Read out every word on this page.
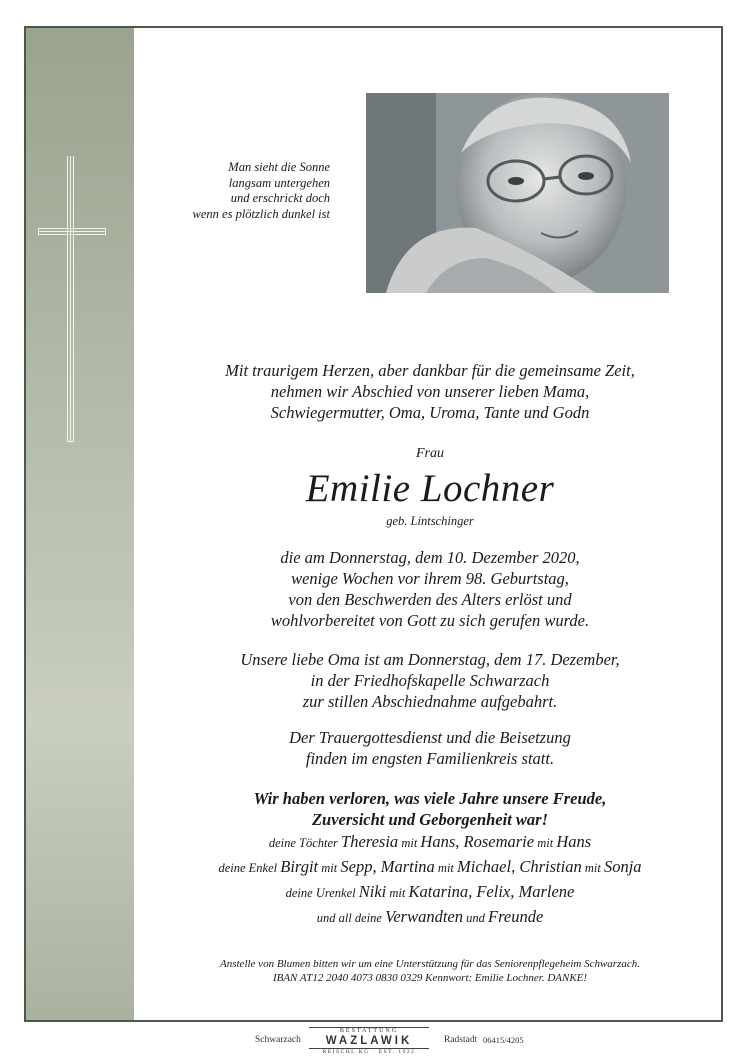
Man sieht die Sonne
langsam untergehen
und erschrickt doch
wenn es plötzlich dunkel ist
Mit traurigem Herzen, aber dankbar für die gemeinsame Zeit,
nehmen wir Abschied von unserer lieben Mama,
Schwiegermutter, Oma, Uroma, Tante und Godn
Frau
Emilie Lochner
geb. Lintschinger
die am Donnerstag, dem 10. Dezember 2020,
wenige Wochen vor ihrem 98. Geburtstag,
von den Beschwerden des Alters erlöst und
wohlvorbereitet von Gott zu sich gerufen wurde.
Unsere liebe Oma ist am Donnerstag, dem 17. Dezember,
in der Friedhofskapelle Schwarzach
zur stillen Abschiednahme aufgebahrt.
Der Trauergottesdienst und die Beisetzung
finden im engsten Familienkreis statt.
Wir haben verloren, was viele Jahre unsere Freude,
Zuversicht und Geborgenheit war!
deine Töchter Theresia mit Hans, Rosemarie mit Hans
deine Enkel Birgit mit Sepp, Martina mit Michael, Christian mit Sonja
deine Urenkel Niki mit Katarina, Felix, Marlene
und all deine Verwandten und Freunde
Anstelle von Blumen bitten wir um eine Unterstützung für das Seniorenpflegeheim Schwarzach.
IBAN AT12 2040 4073 0830 0329 Kennwort: Emilie Lochner. DANKE!
Schwarzach
BESTATTUNG
WAZLAWIK
REISCHL KG · EST. 1922
Radstadt 06415/4205
